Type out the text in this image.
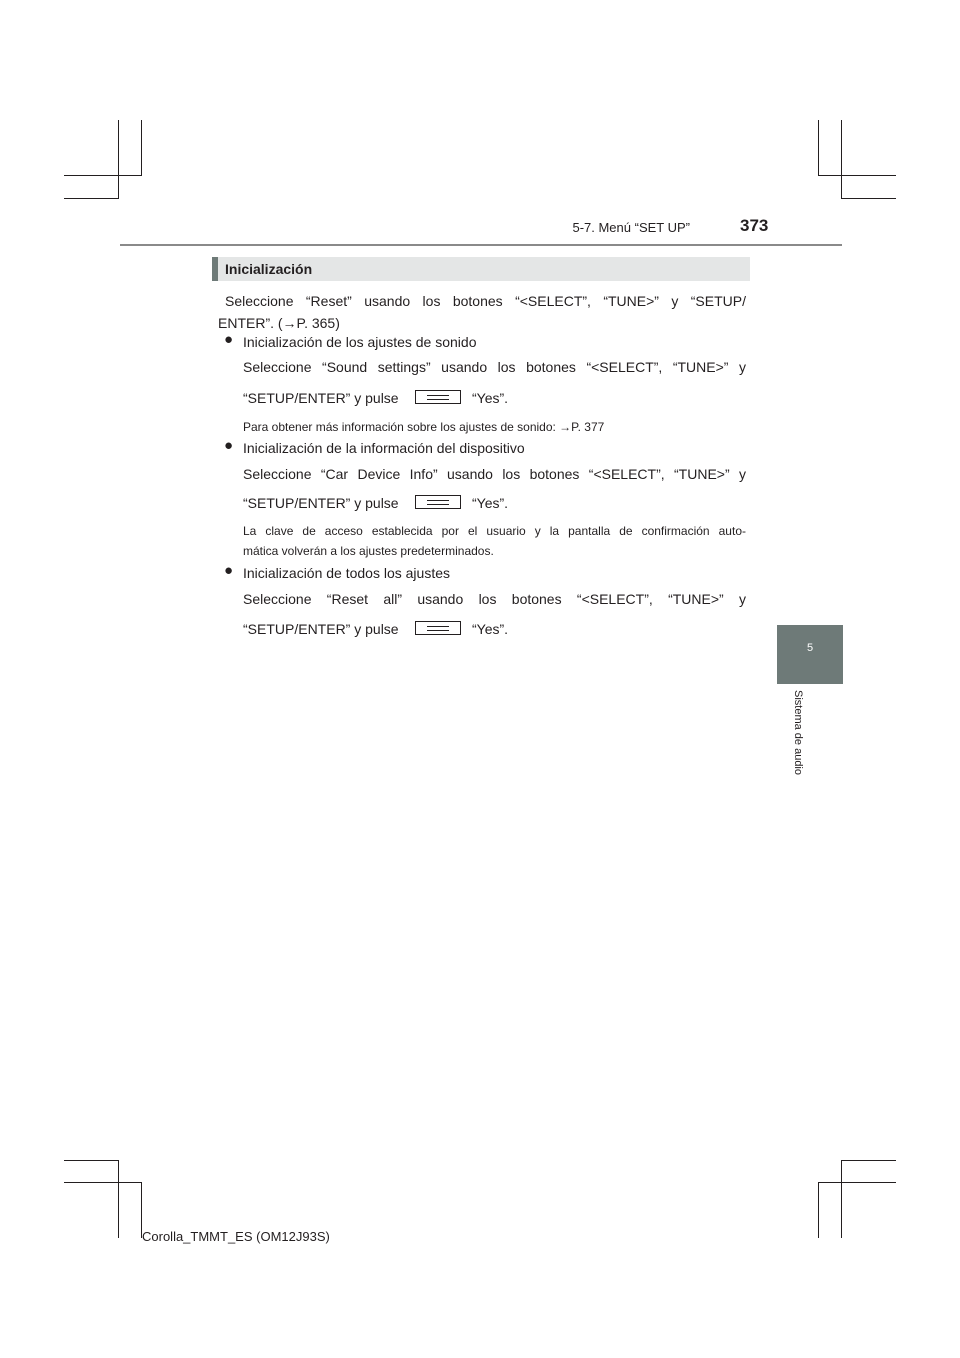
5-7. Menú “SET UP”	373
5
Sistema de audio
Inicialización
Seleccione “Reset” usando los botones “<SELECT”, “TUNE>” y “SETUP/
ENTER”. (→P. 365)
● Inicialización de los ajustes de sonido
Seleccione “Sound settings” usando los botones “<SELECT”, “TUNE>” y
“SETUP/ENTER” y pulse	“Yes”.
Para obtener más información sobre los ajustes de sonido: →P. 377
● Inicialización de la información del dispositivo
Seleccione “Car Device Info” usando los botones “<SELECT”, “TUNE>” y
“SETUP/ENTER” y pulse	“Yes”.
La clave de acceso establecida por el usuario y la pantalla de confirmación auto-
mática volverán a los ajustes predeterminados.
● Inicialización de todos los ajustes
Seleccione “Reset all” usando los botones “<SELECT”, “TUNE>” y
“SETUP/ENTER” y pulse	“Yes”.
Corolla_TMMT_ES (OM12J93S)
